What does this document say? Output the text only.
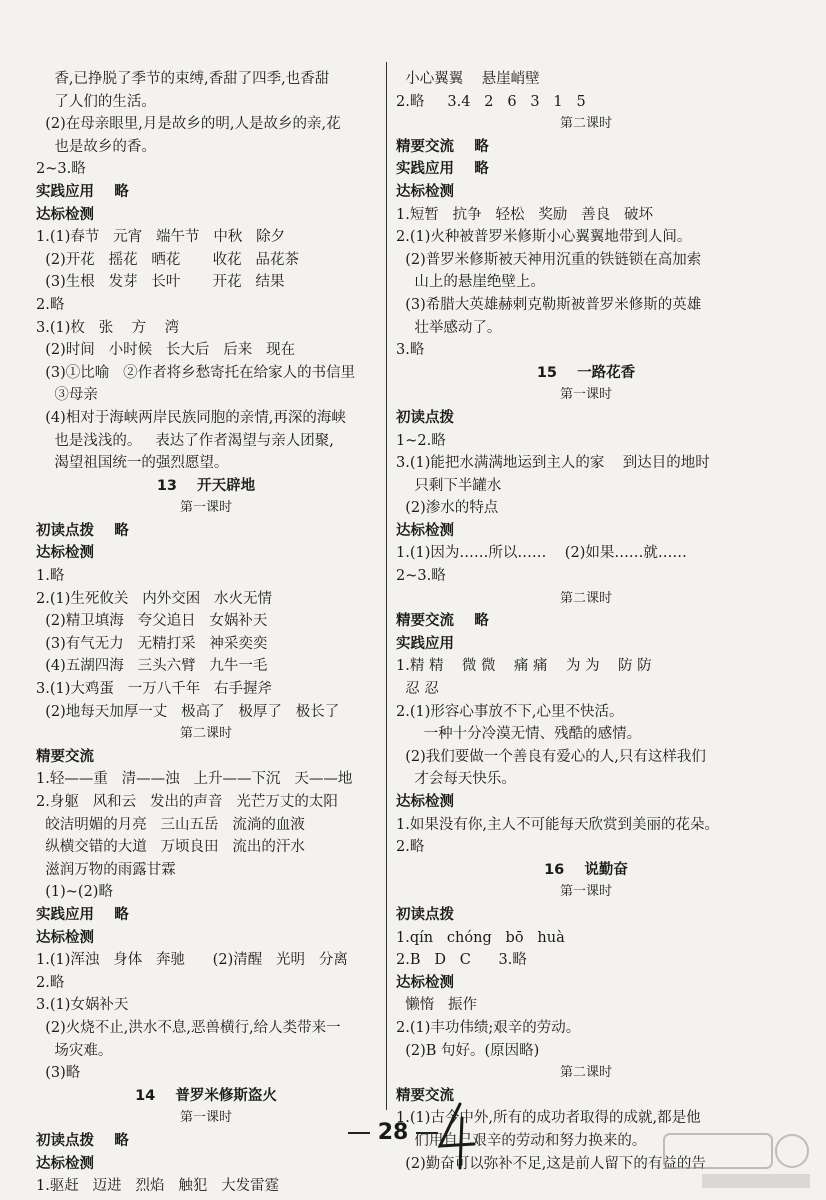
香,已挣脱了季节的束缚,香甜了四季,也香甜
了人们的生活。
(2)在母亲眼里,月是故乡的明,人是故乡的亲,花
也是故乡的香。
2~3.略
实践应用    略
达标检测
1.(1)春节   元宵   端午节   中秋   除夕
(2)开花   摇花   晒花       收花   品花茶
(3)生根   发芽   长叶       开花   结果
2.略
3.(1)枚   张    方    湾
(2)时间   小时候   长大后   后来   现在
(3)①比喻   ②作者将乡愁寄托在给家人的书信里
③母亲
(4)相对于海峡两岸民族同胞的亲情,再深的海峡
也是浅浅的。   表达了作者渴望与亲人团聚,
渴望祖国统一的强烈愿望。
13    开天辟地
第一课时
初读点拨    略
达标检测
1.略
2.(1)生死攸关   内外交困   水火无情
(2)精卫填海   夸父追日   女娲补天
(3)有气无力   无精打采   神采奕奕
(4)五湖四海   三头六臂   九牛一毛
3.(1)大鸡蛋   一万八千年   右手握斧
(2)地每天加厚一丈   极高了   极厚了   极长了
第二课时
精要交流
1.轻——重   清——浊   上升——下沉   天——地
2.身躯   风和云   发出的声音   光芒万丈的太阳
皎洁明媚的月亮   三山五岳   流淌的血液
纵横交错的大道   万顷良田   流出的汗水
滋润万物的雨露甘霖
(1)~(2)略
实践应用    略
达标检测
1.(1)浑浊   身体   奔驰      (2)清醒   光明   分离
2.略
3.(1)女娲补天
(2)火烧不止,洪水不息,恶兽横行,给人类带来一
场灾难。
(3)略
14    普罗米修斯盗火
第一课时
初读点拨    略
达标检测
1.驱赶   迈进   烈焰   触犯   大发雷霆
小心翼翼    悬崖峭壁
2.略     3.4   2   6   3   1   5
第二课时
精要交流    略
实践应用    略
达标检测
1.短暂   抗争   轻松   奖励   善良   破坏
2.(1)火种被普罗米修斯小心翼翼地带到人间。
(2)普罗米修斯被天神用沉重的铁链锁在高加索
山上的悬崖绝壁上。
(3)希腊大英雄赫剌克勒斯被普罗米修斯的英雄
壮举感动了。
3.略
15    一路花香
第一课时
初读点拨
1~2.略
3.(1)能把水满满地运到主人的家    到达目的地时
只剩下半罐水
(2)渗水的特点
达标检测
1.(1)因为……所以……    (2)如果……就……
2~3.略
第二课时
精要交流    略
实践应用
1.精 精    微 微    痛 痛    为 为    防 防
忍 忍
2.(1)形容心事放不下,心里不快活。
一种十分冷漠无情、残酷的感情。
(2)我们要做一个善良有爱心的人,只有这样我们
才会每天快乐。
达标检测
1.如果没有你,主人不可能每天欣赏到美丽的花朵。
2.略
16    说勤奋
第一课时
初读点拨
1.qín   chóng   bō   huà
2.B   D   C      3.略
达标检测
懒惰   振作
2.(1)丰功伟绩;艰辛的劳动。
(2)B 句好。(原因略)
第二课时
精要交流
1.(1)古今中外,所有的成功者取得的成就,都是他
们用自己艰辛的劳动和努力换来的。
(2)勤奋可以弥补不足,这是前人留下的有益的告
28
